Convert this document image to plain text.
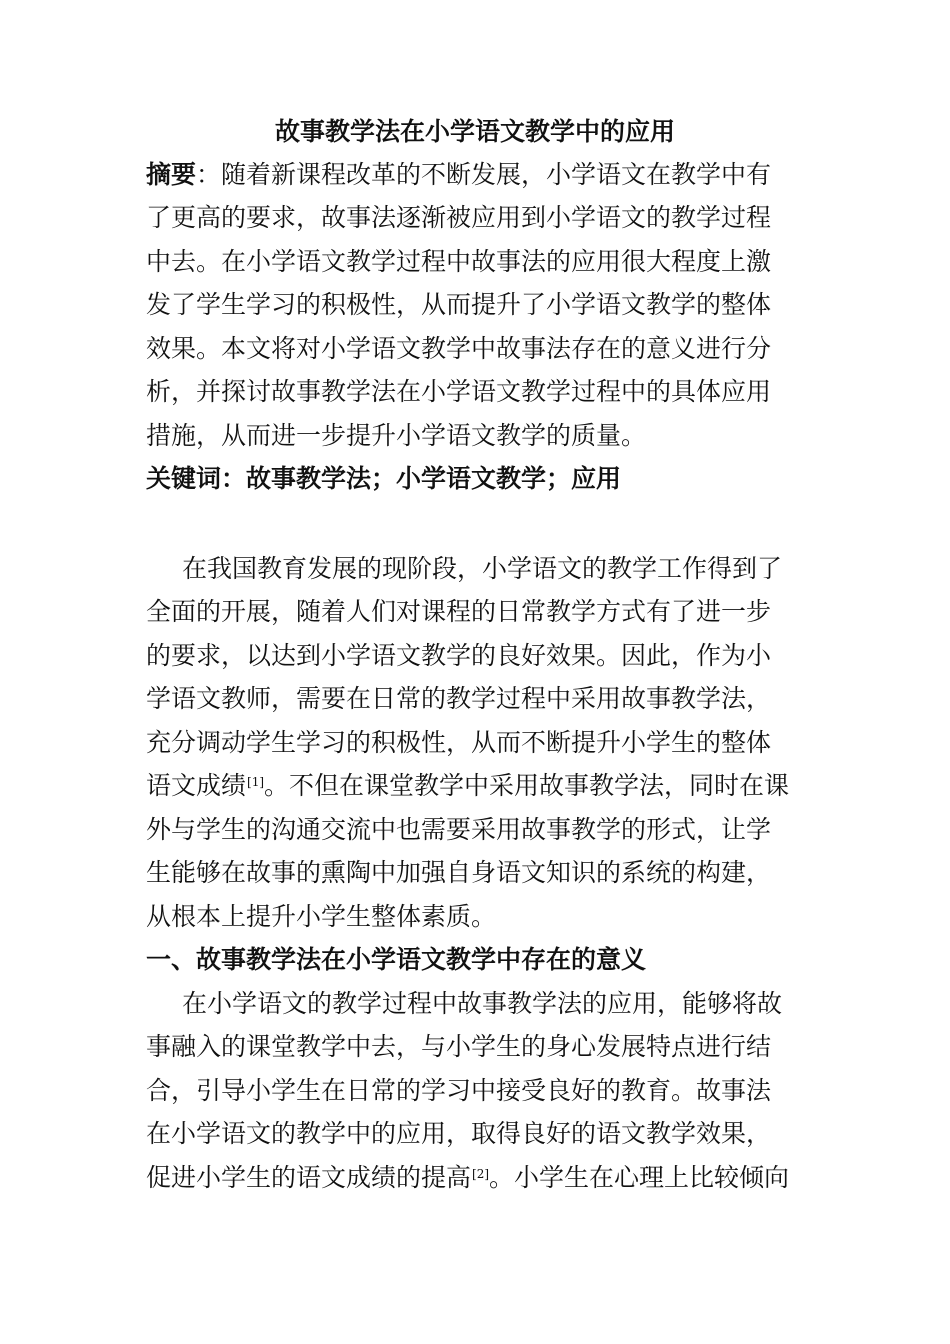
故事教学法在小学语文教学中的应用
摘要：随着新课程改革的不断发展，小学语文在教学中有
了更高的要求，故事法逐渐被应用到小学语文的教学过程
中去。在小学语文教学过程中故事法的应用很大程度上激
发了学生学习的积极性，从而提升了小学语文教学的整体
效果。本文将对小学语文教学中故事法存在的意义进行分
析，并探讨故事教学法在小学语文教学过程中的具体应用
措施，从而进一步提升小学语文教学的质量。
关键词：故事教学法；小学语文教学；应用
在我国教育发展的现阶段，小学语文的教学工作得到了
全面的开展，随着人们对课程的日常教学方式有了进一步
的要求，以达到小学语文教学的良好效果。因此，作为小
学语文教师，需要在日常的教学过程中采用故事教学法，
充分调动学生学习的积极性，从而不断提升小学生的整体
语文成绩[1]。不但在课堂教学中采用故事教学法，同时在课
外与学生的沟通交流中也需要采用故事教学的形式，让学
生能够在故事的熏陶中加强自身语文知识的系统的构建，
从根本上提升小学生整体素质。
一、故事教学法在小学语文教学中存在的意义
在小学语文的教学过程中故事教学法的应用，能够将故
事融入的课堂教学中去，与小学生的身心发展特点进行结
合，引导小学生在日常的学习中接受良好的教育。故事法
在小学语文的教学中的应用，取得良好的语文教学效果，
促进小学生的语文成绩的提高[2]。小学生在心理上比较倾向
